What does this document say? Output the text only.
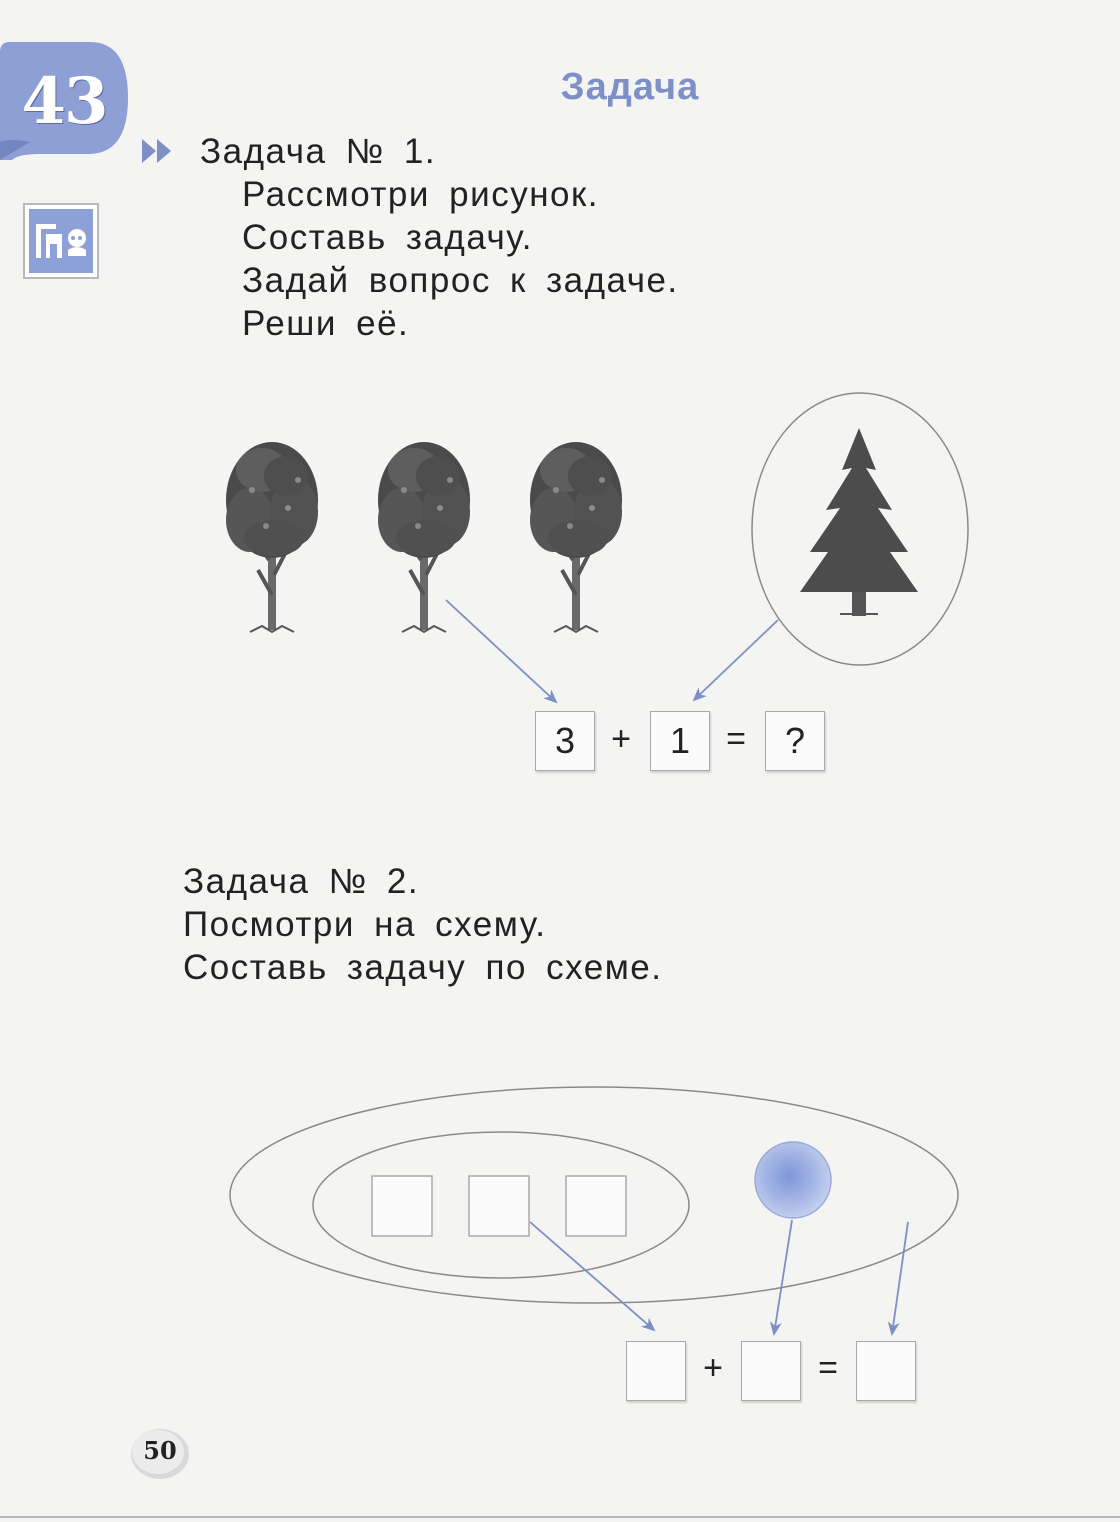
43	Задача
Задача № 1.
Рассмотри рисунок.
Составь задачу.
Задай вопрос к задаче.
Реши её.
3	+	1	=	?
Задача № 2.
Посмотри на схему.
Составь задачу по схеме.
+	=
50
